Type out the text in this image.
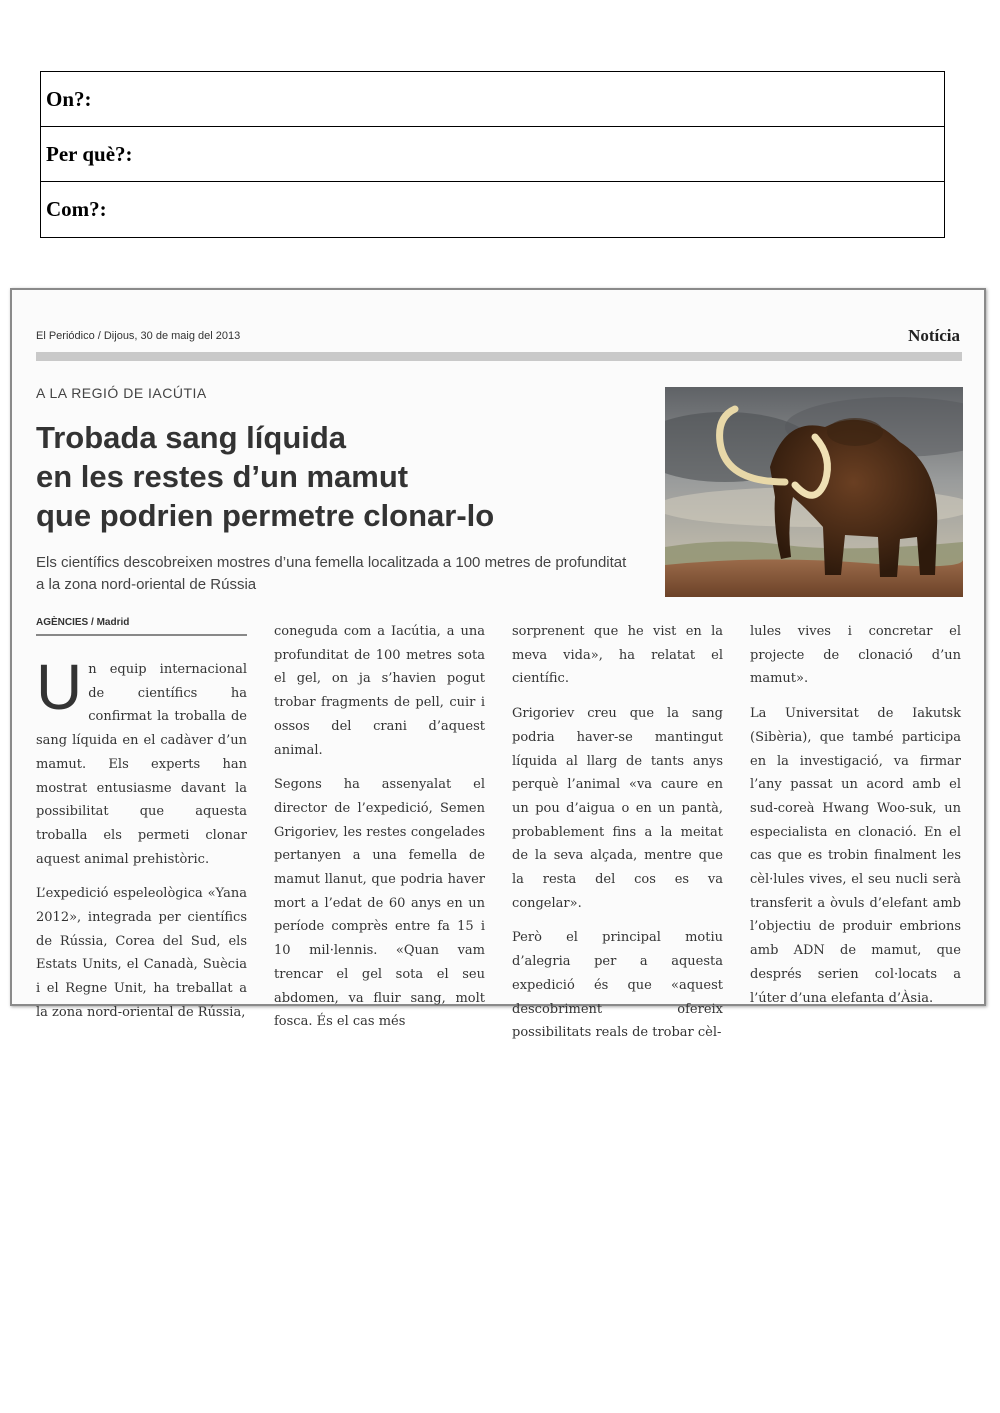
On?:
Per què?:
Com?:
El Periódico / Dijous, 30 de maig del 2013	Notícia
A LA REGIÓ DE IACÚTIA
Trobada sang líquida
en les restes d’un mamut
que podrien permetre clonar-lo
Els científics descobreixen mostres d’una femella localitzada a 100 metres de profunditat a la zona nord-oriental de Rússia
AGÈNCIES / Madrid

Un equip internacional de científics ha confirmat la troballa de sang líquida en el cadàver d’un mamut. Els experts han mostrat entusiasme davant la possibilitat que aquesta troballa els permeti clonar aquest animal prehistòric.

L’expedició espeleològica «Yana 2012», integrada per científics de Rússia, Corea del Sud, els Estats Units, el Canadà, Suècia i el Regne Unit, ha treballat a la zona nord-oriental de Rússia,

coneguda com a Iacútia, a una profunditat de 100 metres sota el gel, on ja s’havien pogut trobar fragments de pell, cuir i ossos del crani d’aquest animal.

Segons ha assenyalat el director de l’expedició, Semen Grigoriev, les restes congelades pertanyen a una femella de mamut llanut, que podria haver mort a l’edat de 60 anys en un període comprès entre fa 15 i 10 mil·lennis. «Quan vam trencar el gel sota el seu abdomen, va fluir sang, molt fosca. És el cas més

sorprenent que he vist en la meva vida», ha relatat el científic.

Grigoriev creu que la sang podria haver-se mantingut líquida al llarg de tants anys perquè l’animal «va caure en un pou d’aigua o en un pantà, probablement fins a la meitat de la seva alçada, mentre que la resta del cos es va congelar».

Però el principal motiu d’alegria per a aquesta expedició és que «aquest descobriment ofereix possibilitats reals de trobar cèl-

lules vives i concretar el projecte de clonació d’un mamut».

La Universitat de Iakutsk (Sibèria), que també participa en la investigació, va firmar l’any passat un acord amb el sud-coreà Hwang Woo-suk, un especialista en clonació. En el cas que es trobin finalment les cèl·lules vives, el seu nucli serà transferit a òvuls d’elefant amb l’objectiu de produir embrions amb ADN de mamut, que després serien col·locats a l’úter d’una elefanta d’Àsia.
